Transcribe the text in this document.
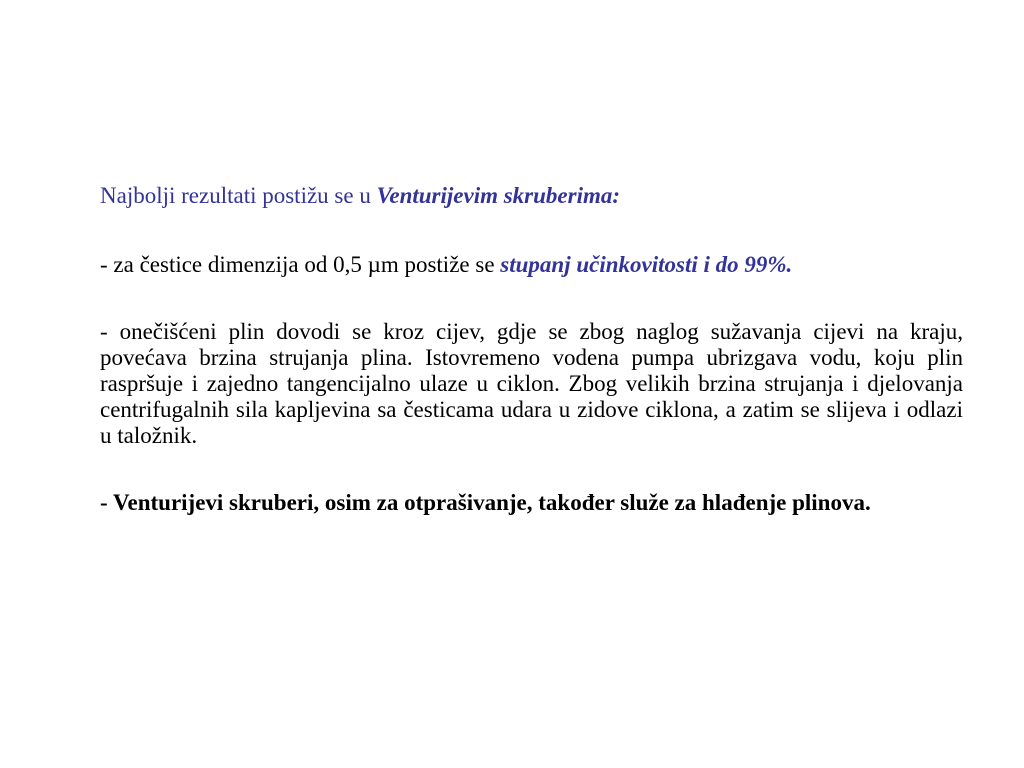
Najbolji rezultati postižu se u Venturijevim skruberima:

- za čestice dimenzija od 0,5 µm postiže se stupanj učinkovitosti i do 99%.

- onečišćeni plin dovodi se kroz cijev, gdje se zbog naglog sužavanja cijevi na kraju, povećava brzina strujanja plina. Istovremeno vodena pumpa ubrizgava vodu, koju plin raspršuje i zajedno tangencijalno ulaze u ciklon. Zbog velikih brzina strujanja i djelovanja centrifugalnih sila kapljevina sa česticama udara u zidove ciklona, a zatim se slijeva i odlazi u taložnik.

- Venturijevi skruberi, osim za otprašivanje, također služe za hlađenje plinova.
